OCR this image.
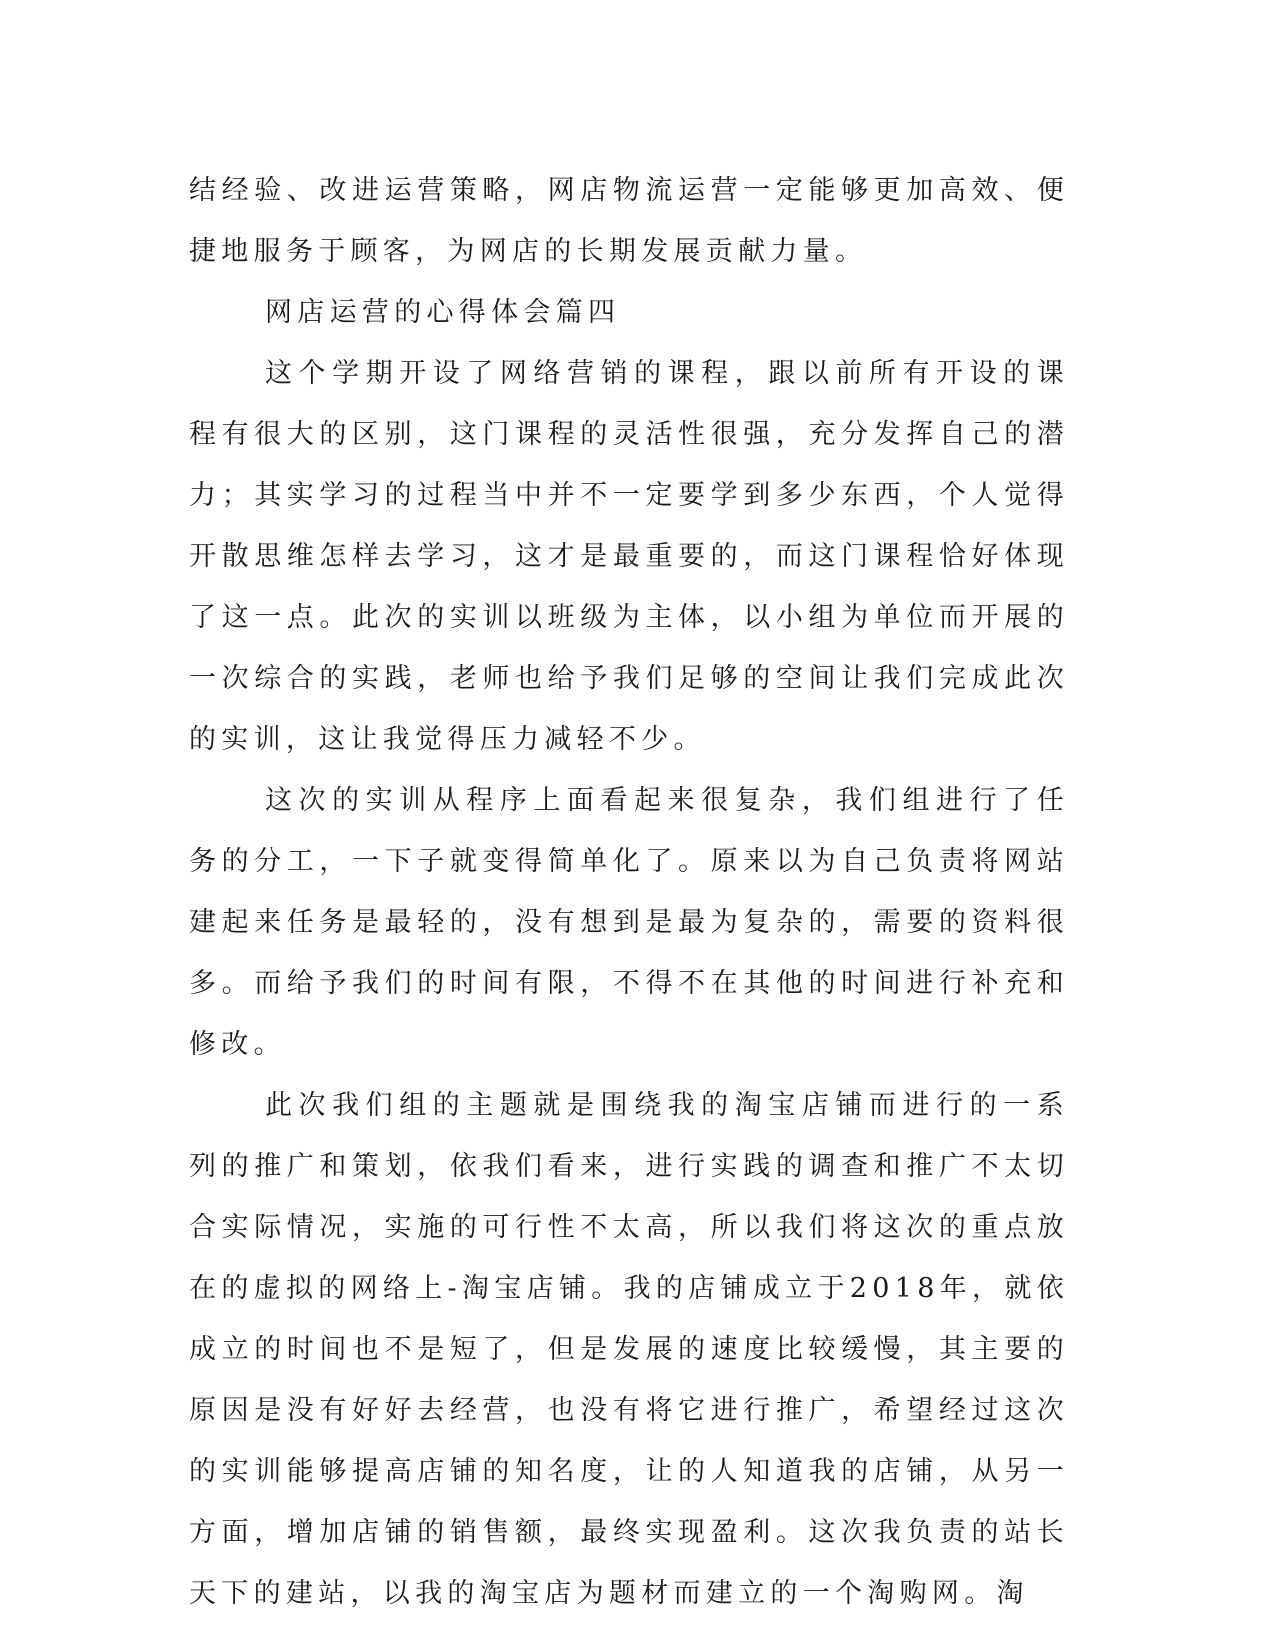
结经验、改进运营策略，网店物流运营一定能够更加高效、便捷地服务于顾客，为网店的长期发展贡献力量。

网店运营的心得体会篇四

这个学期开设了网络营销的课程，跟以前所有开设的课程有很大的区别，这门课程的灵活性很强，充分发挥自己的潜力；其实学习的过程当中并不一定要学到多少东西，个人觉得开散思维怎样去学习，这才是最重要的，而这门课程恰好体现了这一点。此次的实训以班级为主体，以小组为单位而开展的一次综合的实践，老师也给予我们足够的空间让我们完成此次的实训，这让我觉得压力减轻不少。

这次的实训从程序上面看起来很复杂，我们组进行了任务的分工，一下子就变得简单化了。原来以为自己负责将网站建起来任务是最轻的，没有想到是最为复杂的，需要的资料很多。而给予我们的时间有限，不得不在其他的时间进行补充和修改。

此次我们组的主题就是围绕我的淘宝店铺而进行的一系列的推广和策划，依我们看来，进行实践的调查和推广不太切合实际情况，实施的可行性不太高，所以我们将这次的重点放在的虚拟的网络上-淘宝店铺。我的店铺成立于2018年，就依成立的时间也不是短了，但是发展的速度比较缓慢，其主要的原因是没有好好去经营，也没有将它进行推广，希望经过这次的实训能够提高店铺的知名度，让的人知道我的店铺，从另一方面，增加店铺的销售额，最终实现盈利。这次我负责的站长天下的建站，以我的淘宝店为题材而建立的一个淘购网。淘
